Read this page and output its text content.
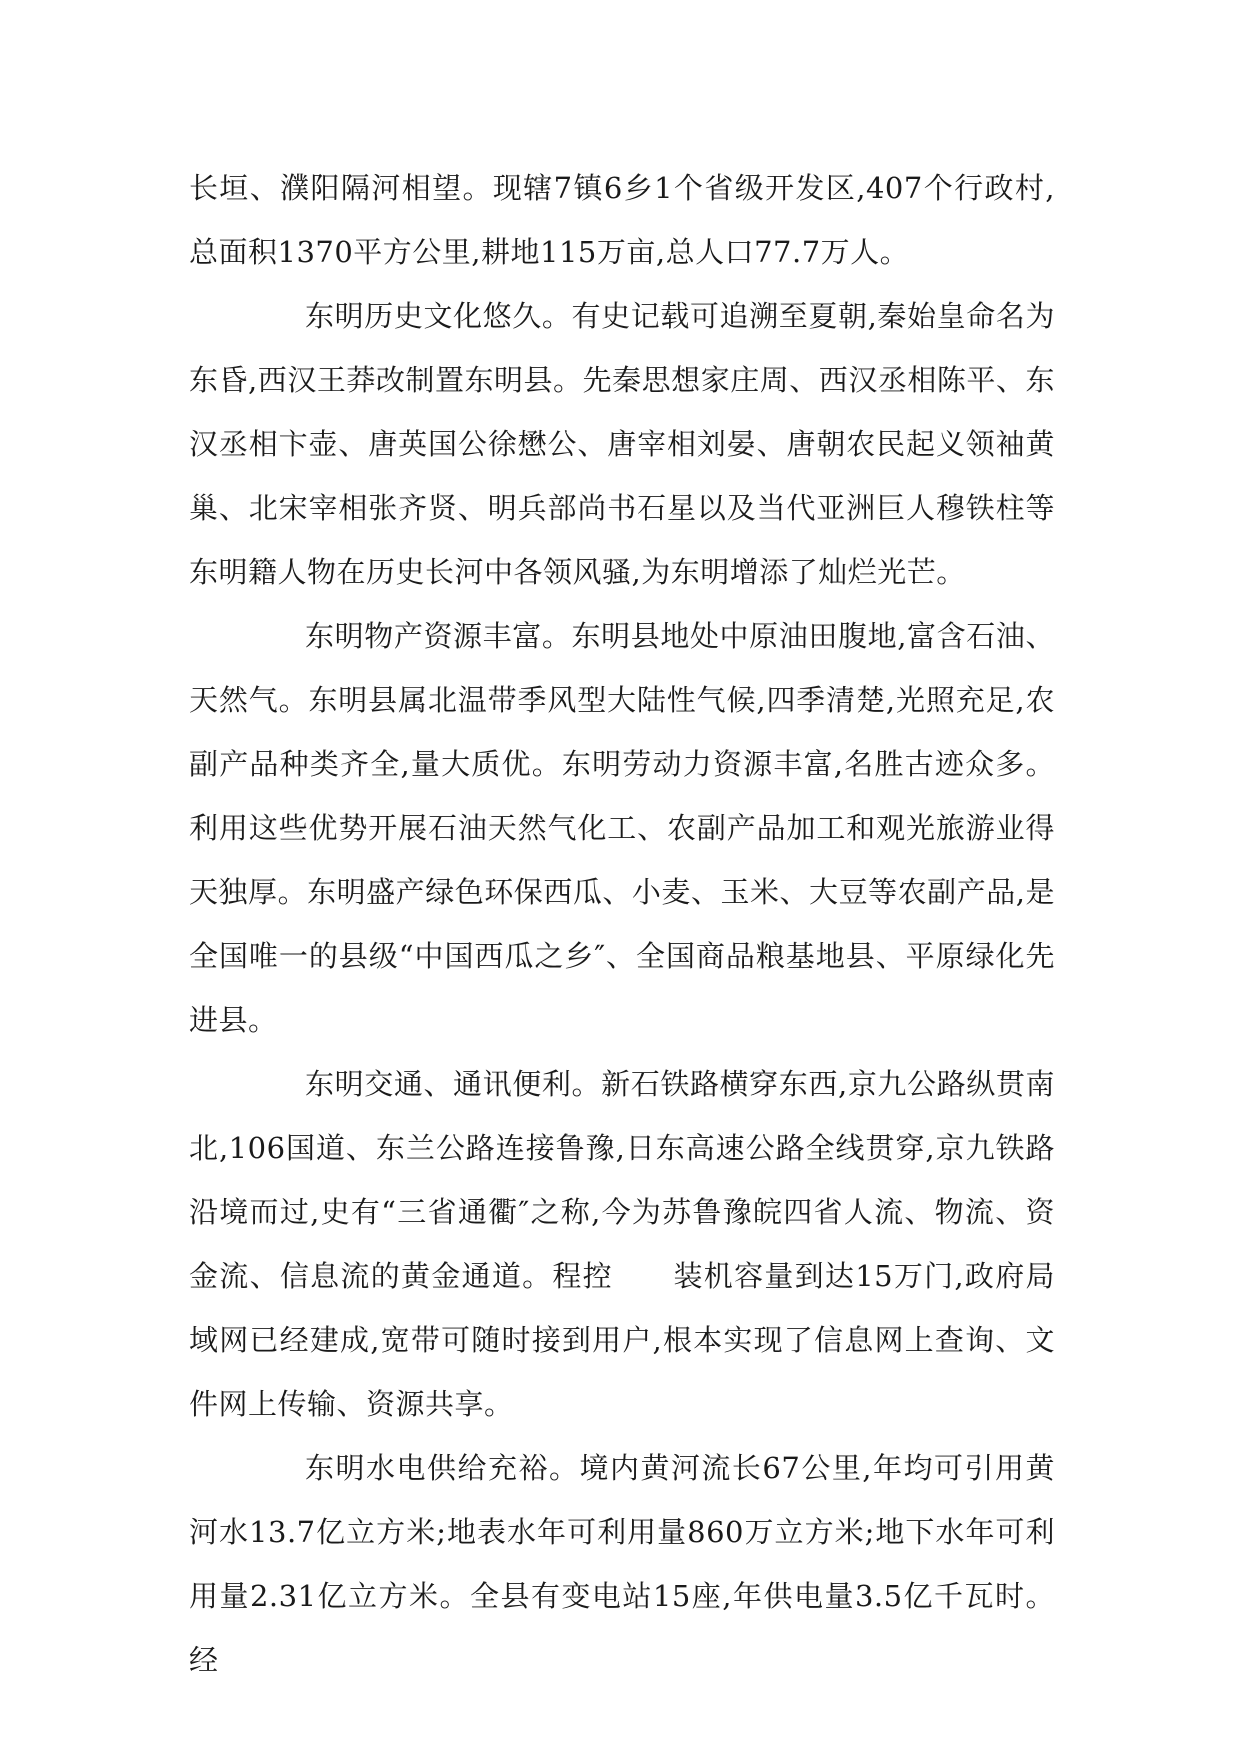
长垣、濮阳隔河相望。现辖7镇6乡1个省级开发区,407个行政村,总面积1370平方公里,耕地115万亩,总人口77.7万人。

东明历史文化悠久。有史记载可追溯至夏朝,秦始皇命名为东昏,西汉王莽改制置东明县。先秦思想家庄周、西汉丞相陈平、东汉丞相卞壶、唐英国公徐懋公、唐宰相刘晏、唐朝农民起义领袖黄巢、北宋宰相张齐贤、明兵部尚书石星以及当代亚洲巨人穆铁柱等东明籍人物在历史长河中各领风骚,为东明增添了灿烂光芒。

东明物产资源丰富。东明县地处中原油田腹地,富含石油、天然气。东明县属北温带季风型大陆性气候,四季清楚,光照充足,农副产品种类齐全,量大质优。东明劳动力资源丰富,名胜古迹众多。利用这些优势开展石油天然气化工、农副产品加工和观光旅游业得天独厚。东明盛产绿色环保西瓜、小麦、玉米、大豆等农副产品,是全国唯一的县级“中国西瓜之乡″、全国商品粮基地县、平原绿化先进县。

东明交通、通讯便利。新石铁路横穿东西,京九公路纵贯南北,106国道、东兰公路连接鲁豫,日东高速公路全线贯穿,京九铁路沿境而过,史有“三省通衢″之称,今为苏鲁豫皖四省人流、物流、资金流、信息流的黄金通道。程控　　装机容量到达15万门,政府局域网已经建成,宽带可随时接到用户,根本实现了信息网上查询、文件网上传输、资源共享。

东明水电供给充裕。境内黄河流长67公里,年均可引用黄河水13.7亿立方米;地表水年可利用量860万立方米;地下水年可利用量2.31亿立方米。全县有变电站15座,年供电量3.5亿千瓦时。经
